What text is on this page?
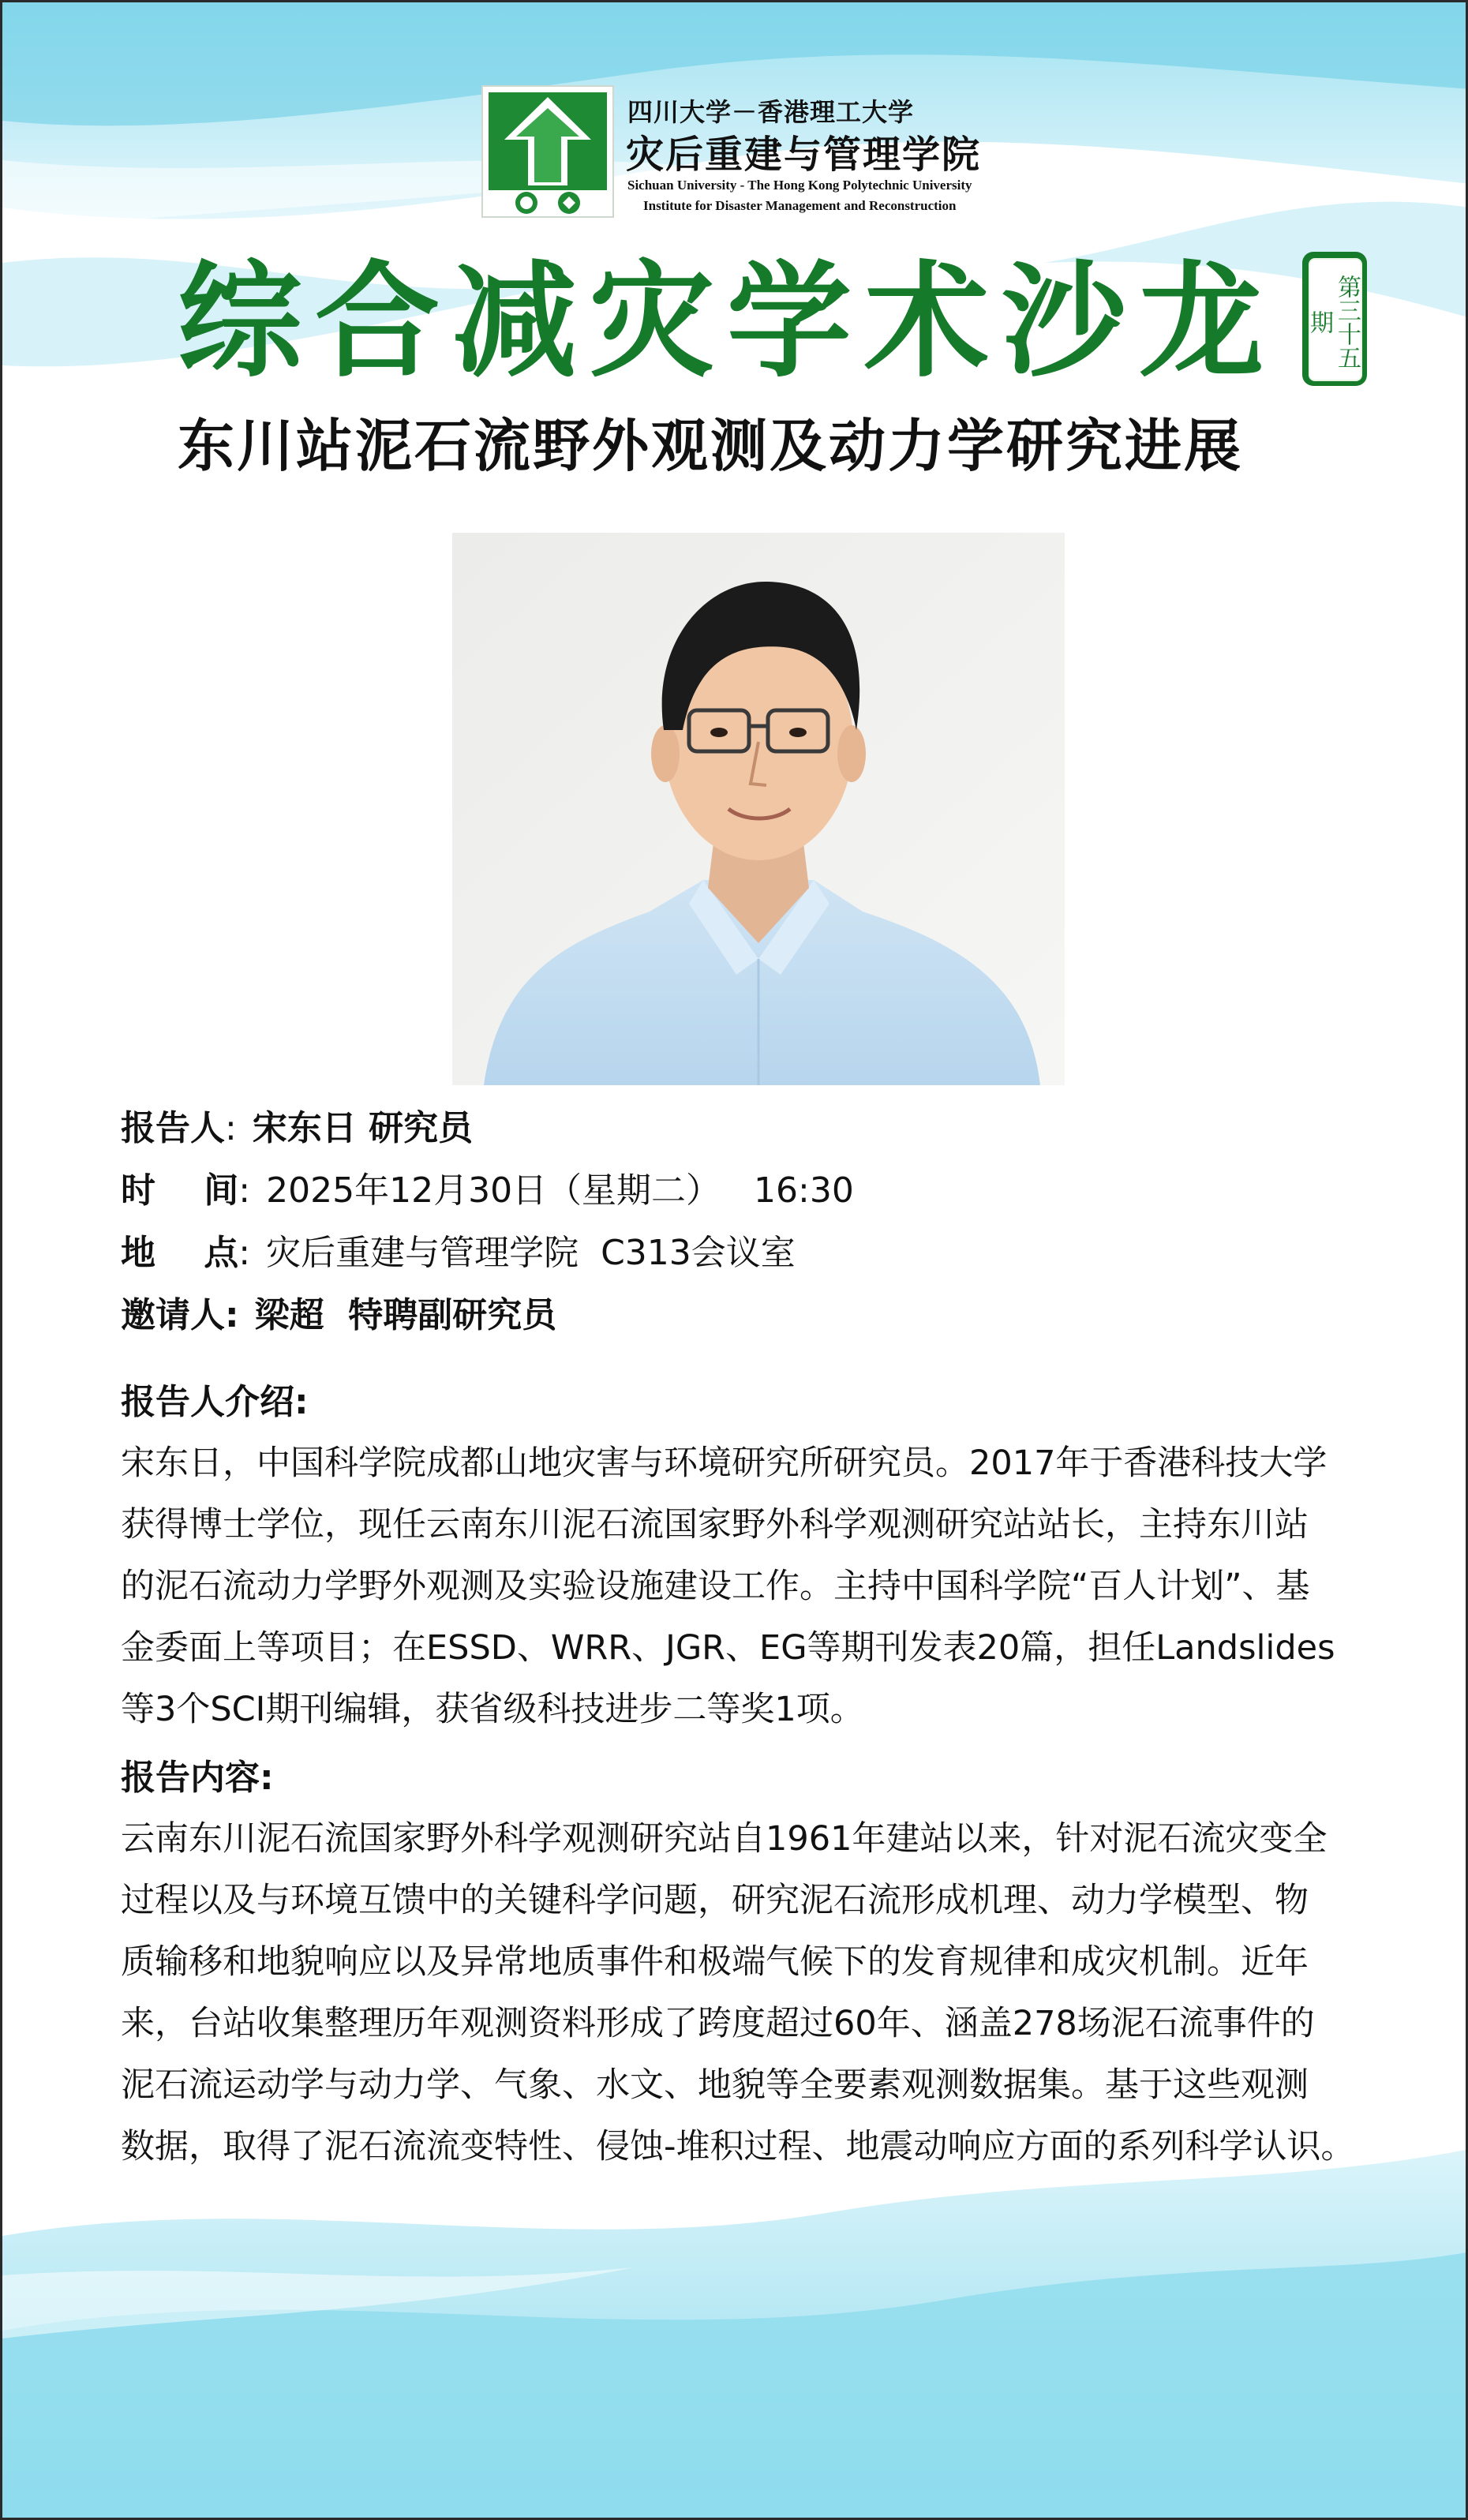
四川大学－香港理工大学
灾后重建与管理学院
Sichuan University - The Hong Kong Polytechnic University
Institute for Disaster Management and Reconstruction
综合减灾学术沙龙	第三十五期
东川站泥石流野外观测及动力学研究进展
报告人: 宋东日 研究员
时    间: 2025年12月30日（星期二）   16:30
地    点: 灾后重建与管理学院  C313会议室
邀请人: 梁超  特聘副研究员
报告人介绍:
宋东日，中国科学院成都山地灾害与环境研究所研究员。2017年于香港科技大学
获得博士学位，现任云南东川泥石流国家野外科学观测研究站站长，主持东川站
的泥石流动力学野外观测及实验设施建设工作。主持中国科学院“百人计划”、基
金委面上等项目；在ESSD、WRR、JGR、EG等期刊发表20篇，担任Landslides
等3个SCI期刊编辑，获省级科技进步二等奖1项。
报告内容:
云南东川泥石流国家野外科学观测研究站自1961年建站以来，针对泥石流灾变全
过程以及与环境互馈中的关键科学问题，研究泥石流形成机理、动力学模型、物
质输移和地貌响应以及异常地质事件和极端气候下的发育规律和成灾机制。近年
来，台站收集整理历年观测资料形成了跨度超过60年、涵盖278场泥石流事件的
泥石流运动学与动力学、气象、水文、地貌等全要素观测数据集。基于这些观测
数据，取得了泥石流流变特性、侵蚀-堆积过程、地震动响应方面的系列科学认识。
